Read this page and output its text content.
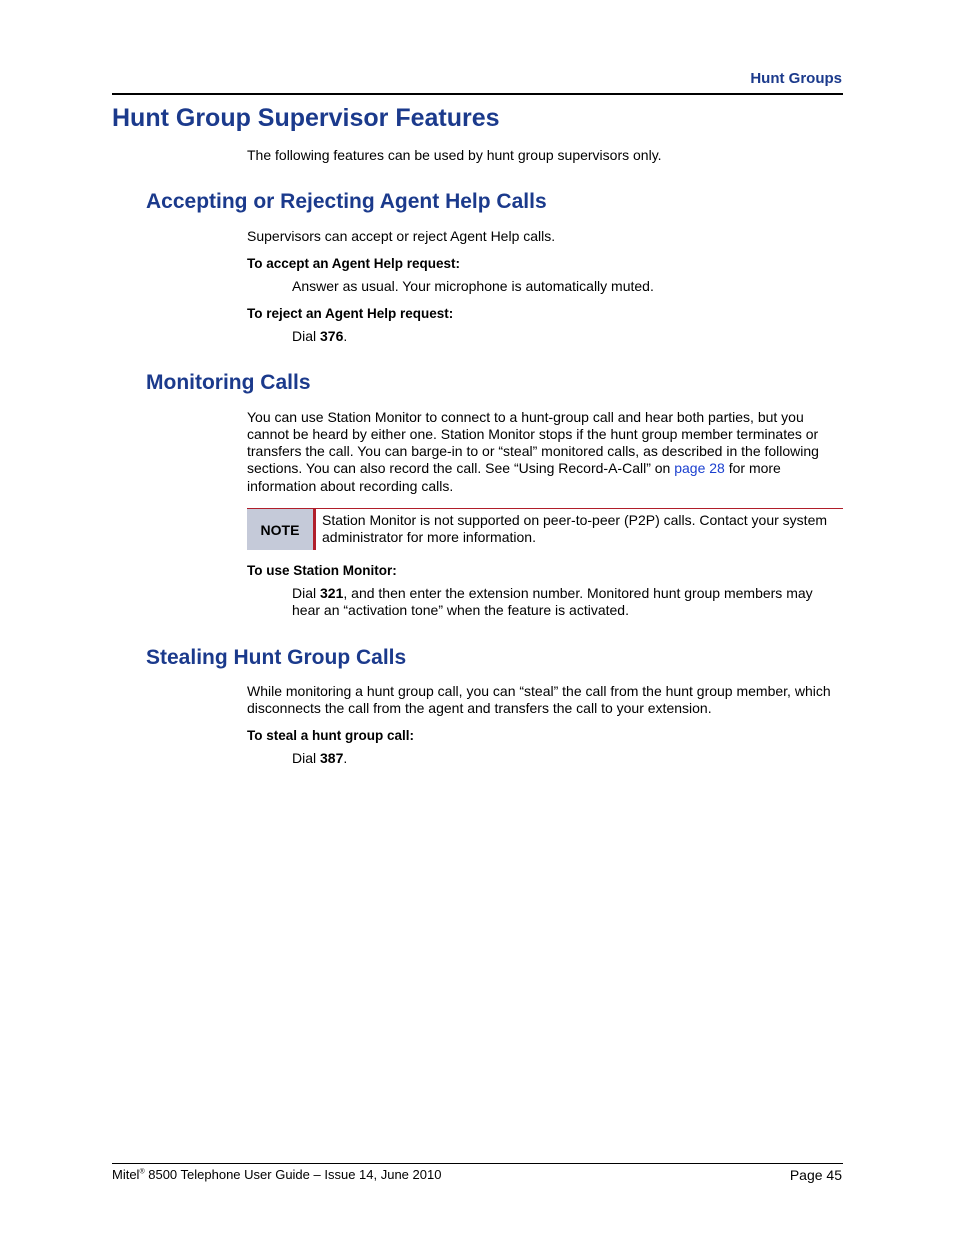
Hunt Groups
Hunt Group Supervisor Features
The following features can be used by hunt group supervisors only.
Accepting or Rejecting Agent Help Calls
Supervisors can accept or reject Agent Help calls.
To accept an Agent Help request:
Answer as usual. Your microphone is automatically muted.
To reject an Agent Help request:
Dial 376.
Monitoring Calls
You can use Station Monitor to connect to a hunt-group call and hear both parties, but you
cannot be heard by either one. Station Monitor stops if the hunt group member terminates or
transfers the call. You can barge-in to or “steal” monitored calls, as described in the following
sections. You can also record the call. See “Using Record-A-Call” on page 28 for more
information about recording calls.
NOTE
Station Monitor is not supported on peer-to-peer (P2P) calls. Contact your system administrator for more information.
To use Station Monitor:
Dial 321, and then enter the extension number. Monitored hunt group members may hear an “activation tone” when the feature is activated.
Stealing Hunt Group Calls
While monitoring a hunt group call, you can “steal” the call from the hunt group member, which disconnects the call from the agent and transfers the call to your extension.
To steal a hunt group call:
Dial 387.
Mitel® 8500 Telephone User Guide – Issue 14, June 2010	Page 45
